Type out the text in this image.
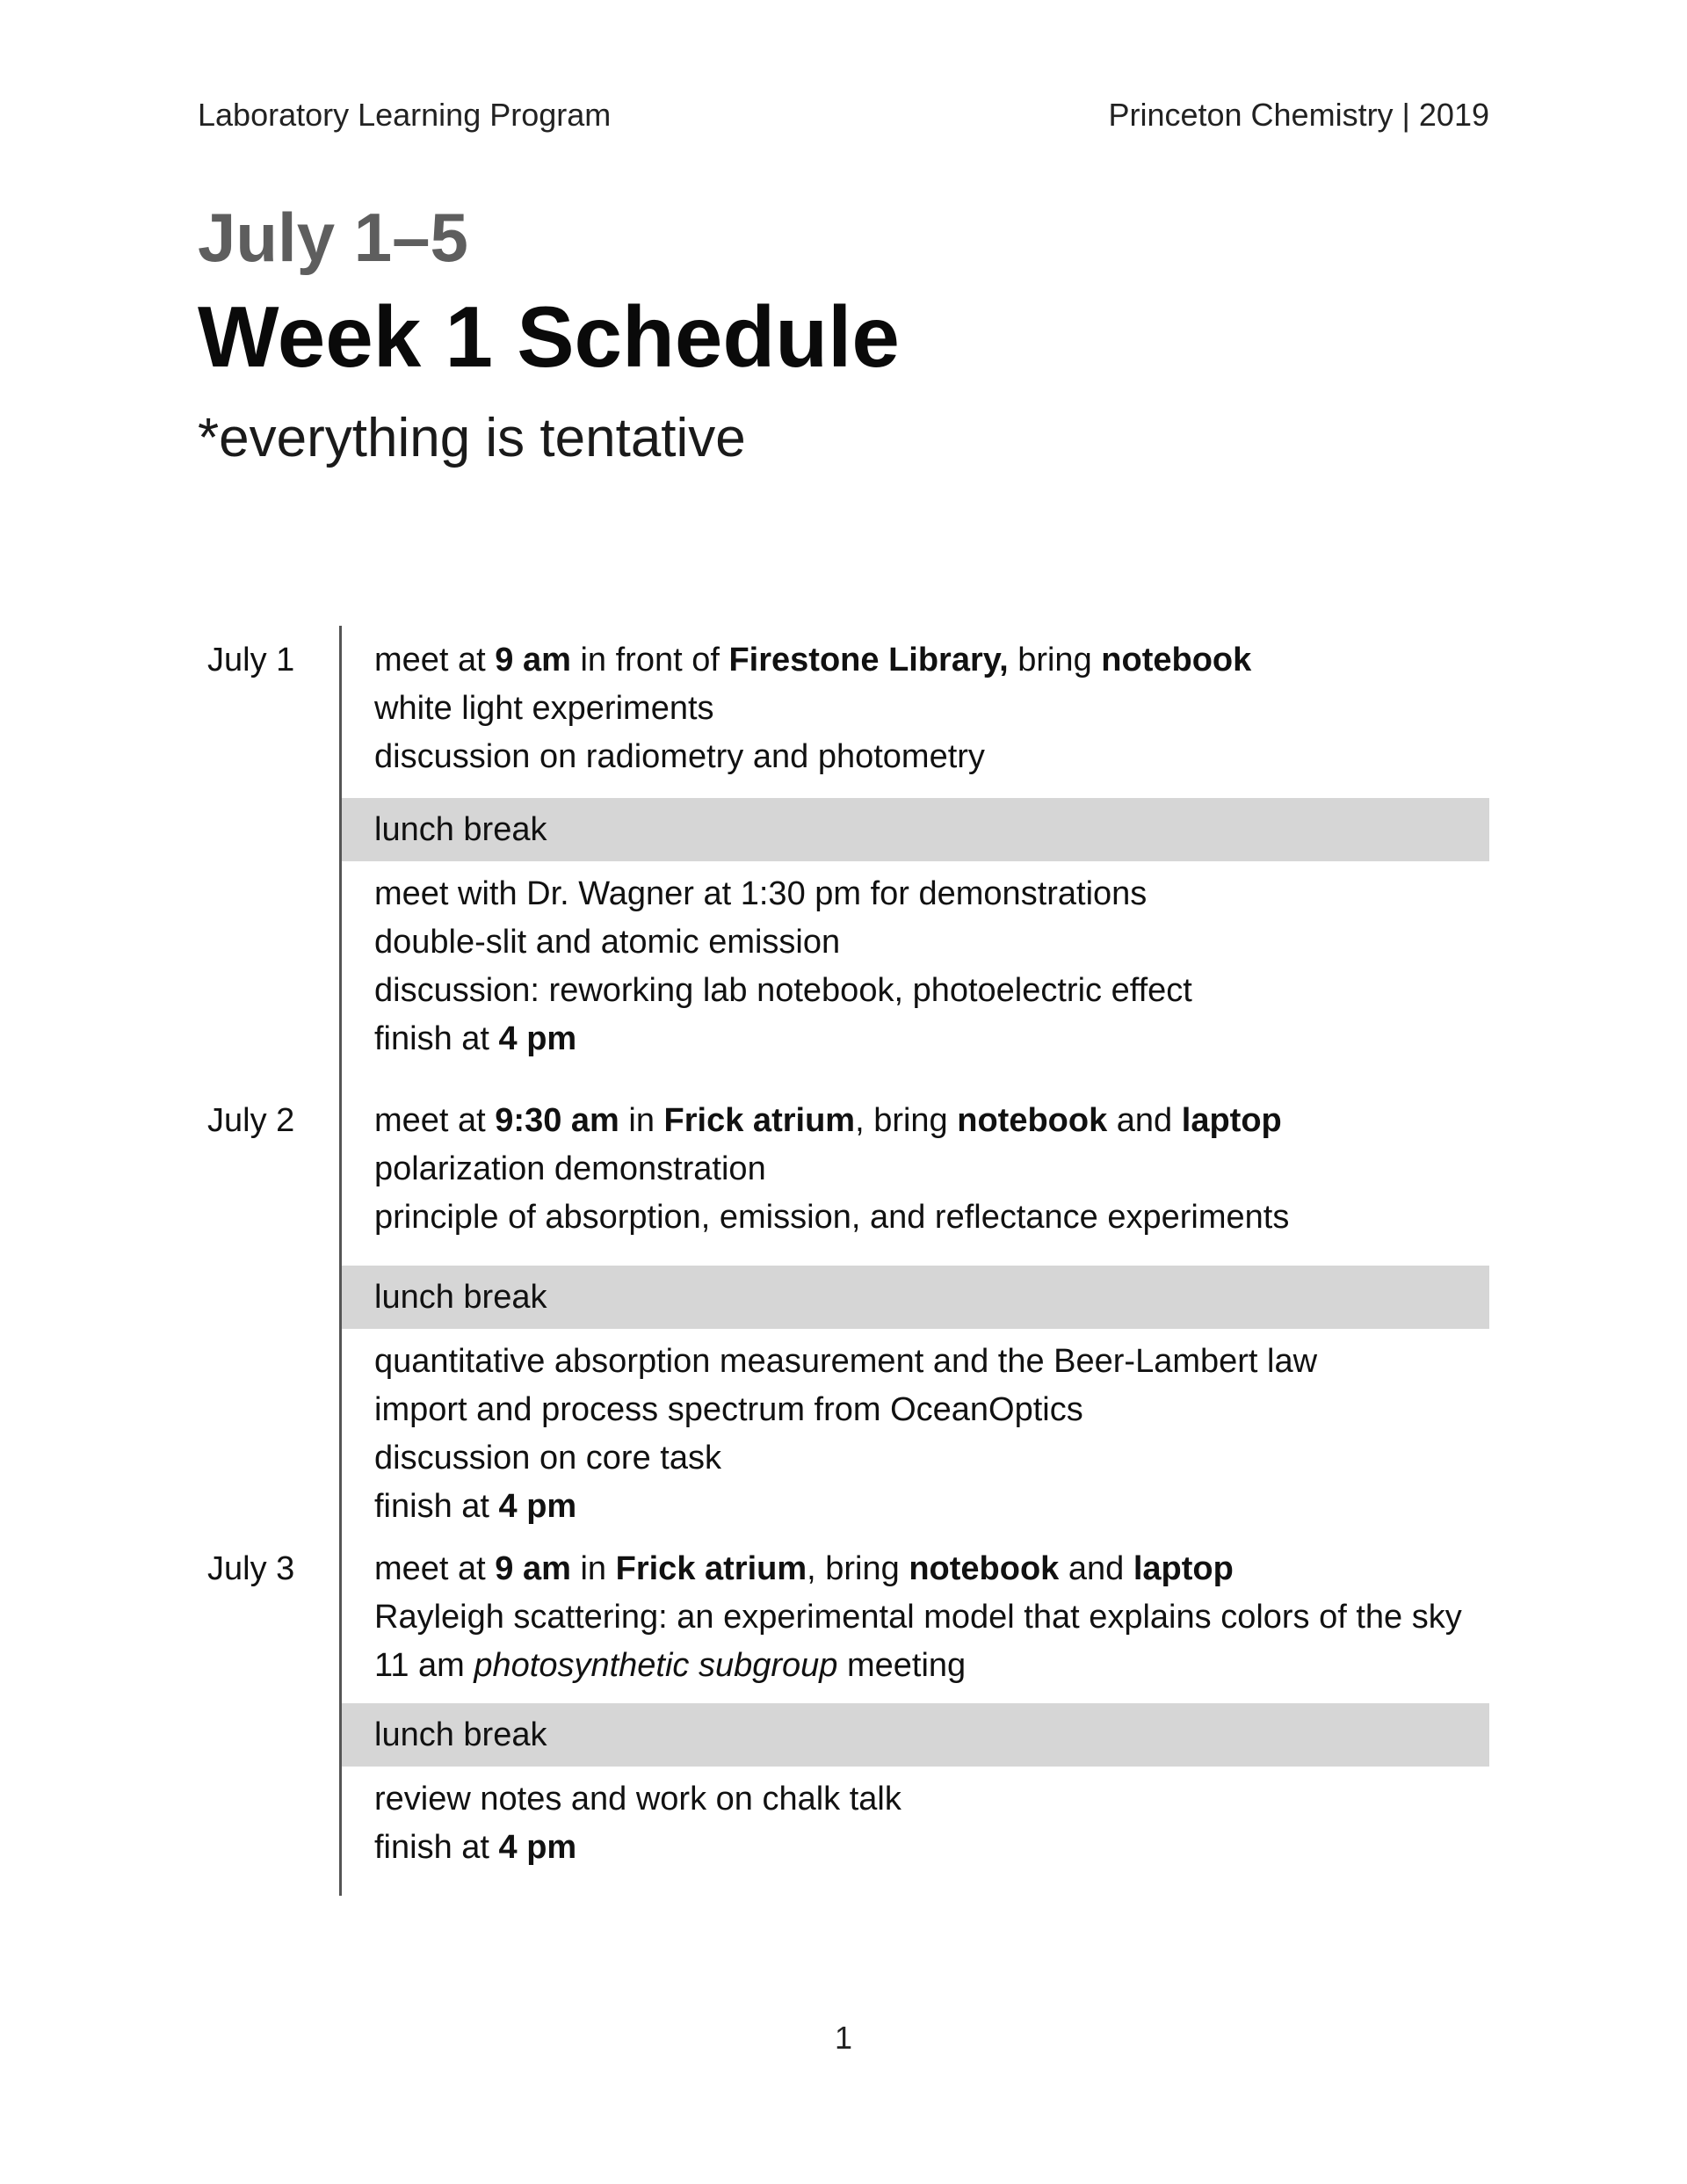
Laboratory Learning Program	Princeton Chemistry | 2019
July 1–5
Week 1 Schedule
*everything is tentative
July 1 meet at 9 am in front of Firestone Library, bring notebook
white light experiments
discussion on radiometry and photometry
lunch break
meet with Dr. Wagner at 1:30 pm for demonstrations
double-slit and atomic emission
discussion: reworking lab notebook, photoelectric effect
finish at 4 pm
July 2 meet at 9:30 am in Frick atrium, bring notebook and laptop
polarization demonstration
principle of absorption, emission, and reflectance experiments
lunch break
quantitative absorption measurement and the Beer-Lambert law
import and process spectrum from OceanOptics
discussion on core task
finish at 4 pm
July 3 meet at 9 am in Frick atrium, bring notebook and laptop
Rayleigh scattering: an experimental model that explains colors of the sky
11 am photosynthetic subgroup meeting
lunch break
review notes and work on chalk talk
finish at 4 pm
1
